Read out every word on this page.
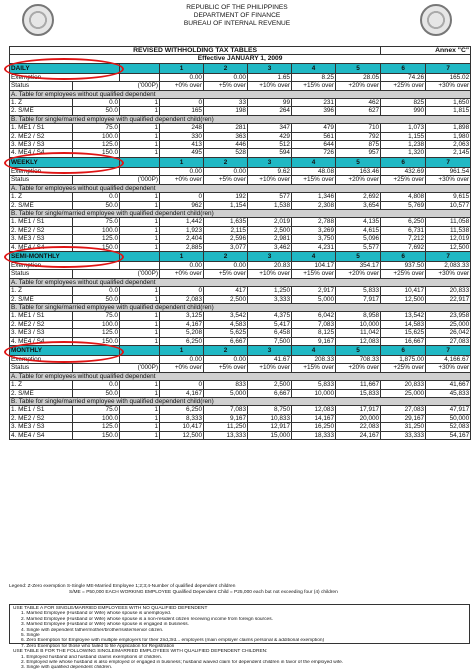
REPUBLIC OF THE PHILIPPINES
DEPARTMENT OF FINANCE
BUREAU OF INTERNAL REVENUE
REVISED WITHHOLDING TAX TABLES								Annex "C"		
Effective JANUARY 1, 2009										
DAILY			1	2	3	4	5	6	7	
Exemption			0.00	0.00	1.65	8.25	28.05	74.26	165.02	
Status	('000P)		+0% over	+5% over	+10% over	+15% over	+20% over	+25% over	+30% over	
A. Table for employees without qualified dependent										
1. Z	0.0	1	0	33	99	231	462	825	1,650	
2. S/ME	50.0	1	165	198	264	396	627	990	1,815	
B. Table for single/married employee with qualified dependent child(ren)										
1. ME1 / S1	75.0	1	248	281	347	479	710	1,073	1,898	
2. ME2 / S2	100.0	1	330	363	429	561	792	1,155	1,980	
3. ME3 / S3	125.0	1	413	446	512	644	875	1,238	2,063	
4. ME4 / S4	150.0	1	495	528	594	726	957	1,320	2,145	
WEEKLY			1	2	3	4	5	6	7	
Exemption			0.00	0.00	9.62	48.08	163.46	432.69	961.54	
Status	('000P)		+0% over	+5% over	+10% over	+15% over	+20% over	+25% over	+30% over	
A. Table for employees without qualified dependent										
1. Z	0.0	1	0	192	577	1,346	2,692	4,808	9,615	
2. S/ME	50.0	1	962	1,154	1,538	2,308	3,654	5,769	10,577	
B. Table for single/married employee with qualified dependent child(ren)										
1. ME1 / S1	75.0	1	1,442	1,635	2,019	2,788	4,135	6,250	11,058	
2. ME2 / S2	100.0	1	1,923	2,115	2,500	3,269	4,615	6,731	11,538	
3. ME3 / S3	125.0	1	2,404	2,596	2,981	3,750	5,096	7,212	12,019	
4. ME4 / S4	150.0	1	2,885	3,077	3,462	4,231	5,577	7,692	12,500	
SEMI-MONTHLY			1	2	3	4	5	6	7	
Exemption			0.00	0.00	20.83	104.17	354.17	937.50	2,083.33	
Status	('000P)		+0% over	+5% over	+10% over	+15% over	+20% over	+25% over	+30% over	
A. Table for employees without qualified dependent										
1. Z	0.0	1	0	417	1,250	2,917	5,833	10,417	20,833	
2. S/ME	50.0	1	2,083	2,500	3,333	5,000	7,917	12,500	22,917	
B. Table for single/married employee with qualified dependent child(ren)										
1. ME1 / S1	75.0	1	3,125	3,542	4,375	6,042	8,958	13,542	23,958	
2. ME2 / S2	100.0	1	4,167	4,583	5,417	7,083	10,000	14,583	25,000	
3. ME3 / S3	125.0	1	5,208	5,625	6,458	8,125	11,042	15,625	26,042	
4. ME4 / S4	150.0	1	6,250	6,667	7,500	9,167	12,083	16,667	27,083	
MONTHLY			1	2	3	4	5	6	7	
Exemption			0.00	0.00	41.67	208.33	708.33	1,875.00	4,166.67	
Status	('000P)		+0% over	+5% over	+10% over	+15% over	+20% over	+25% over	+30% over	
A. Table for employees without qualified dependent										
1. Z	0.0	1	0	833	2,500	5,833	11,667	20,833	41,667	
2. S/ME	50.0	1	4,167	5,000	6,667	10,000	15,833	25,000	45,833	
B. Table for single/married employee with qualified dependent child(ren)										
1. ME1 / S1	75.0	1	6,250	7,083	8,750	12,083	17,917	27,083	47,917	
2. ME2 / S2	100.0	1	8,333	9,167	10,833	14,167	20,000	29,167	50,000	
3. ME3 / S3	125.0	1	10,417	11,250	12,917	16,250	22,083	31,250	52,083	
4. ME4 / S4	150.0	1	12,500	13,333	15,000	18,333	24,167	33,333	54,167	
Legend: Z-Zero exemption S-Single ME-Married Employee 1;2;3;4-Number of qualified dependent children
S/ME = P50,000 EACH WORKING EMPLOYEE Qualified Dependent Child = P25,000 each but not exceeding four (4) children
USE TABLE A FOR SINGLE/MARRIED EMPLOYEES WITH NO QUALIFIED DEPENDENT
1. Married Employee (Husband or Wife) whose spouse is unemployed.
2. Married Employee (Husband or Wife) whose spouse is a non-resident citizen receiving income from foreign sources.
3. Married Employee (Husband or Wife) whose spouse is engaged in business.
4. Single with dependent father/mother/brother/sister/senior citizen.
5. Single
6. Zero Exemption for Employee with multiple employers for their 2nd,3rd... employers (main employer claims personal & additional exemption)
7. Zero Exemption for those who failed to file Application for Registration
USE TABLE B FOR THE FOLLOWING SINGLE/MARRIED EMPLOYEES WITH QUALIFIED DEPENDENT CHILDREN:
1. Employed husband and husband claims exemptions of children.
2. Employed wife whose husband is also employed or engaged in business; husband waived claim for dependent children in favor of the employed wife.
3. Single with qualified dependent children.
